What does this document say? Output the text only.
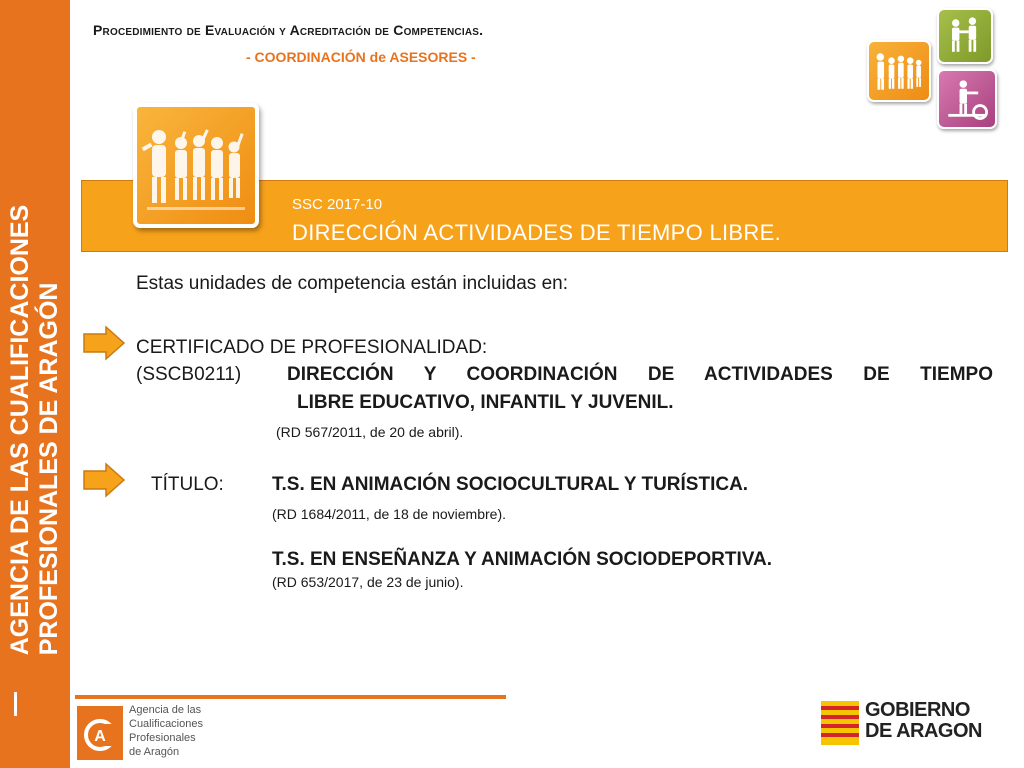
AGENCIA DE LAS CUALIFICACIONES PROFESIONALES DE ARAGÓN
Procedimiento de Evaluación y Acreditación de Competencias.
- COORDINACIÓN de ASESORES -
SSC 2017-10
DIRECCIÓN ACTIVIDADES DE TIEMPO LIBRE.
Estas unidades de competencia están incluidas en:
CERTIFICADO DE PROFESIONALIDAD:
(SSCB0211) DIRECCIÓN Y COORDINACIÓN DE ACTIVIDADES DE TIEMPO
LIBRE EDUCATIVO, INFANTIL Y JUVENIL.
(RD 567/2011, de 20 de abril).
TÍTULO:	T.S. EN ANIMACIÓN SOCIOCULTURAL Y TURÍSTICA.
(RD 1684/2011, de 18 de noviembre).
T.S. EN ENSEÑANZA Y ANIMACIÓN SOCIODEPORTIVA.
(RD 653/2017, de 23 de junio).
A
Agencia de las
Cualificaciones
Profesionales
de Aragón
GOBIERNO
DE ARAGON
